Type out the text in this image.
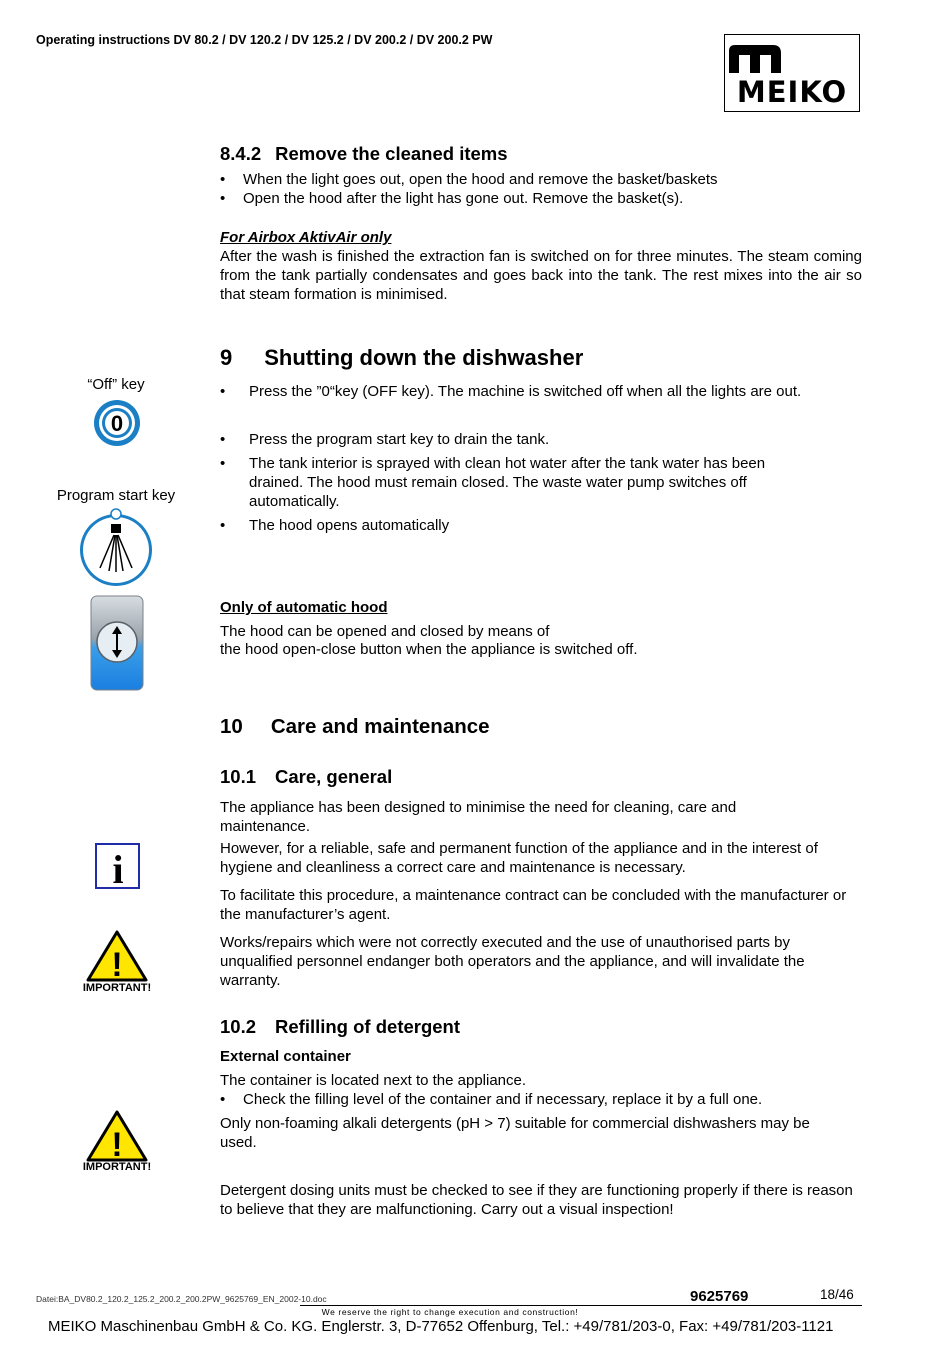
Operating instructions DV 80.2 / DV 120.2 / DV 125.2 / DV 200.2 / DV 200.2 PW
MEIKO
8.4.2 Remove the cleaned items
• When the light goes out, open the hood and remove the basket/baskets
• Open the hood after the light has gone out. Remove the basket(s).
For Airbox AktivAir only
After the wash is finished the extraction fan is switched on for three minutes. The steam coming from the tank partially condensates and goes back into the tank. The rest mixes into the air so that steam formation is minimised.
9 Shutting down the dishwasher
“Off” key
0
• Press the ”0“key (OFF key). The machine is switched off when all the lights are out.
• Press the program start key to drain the tank.
• The tank interior is sprayed with clean hot water after the tank water has been drained. The hood must remain closed. The waste water pump switches off automatically.
• The hood opens automatically
Program start key
Only of automatic hood
The hood can be opened and closed by means of
the hood open-close button when the appliance is switched off.
10 Care and maintenance
10.1 Care, general
The appliance has been designed to minimise the need for cleaning, care and maintenance.
However, for a reliable, safe and permanent function of the appliance and in the interest of hygiene and cleanliness a correct care and maintenance is necessary.
To facilitate this procedure, a maintenance contract can be concluded with the manufacturer or the manufacturer’s agent.
Works/repairs which were not correctly executed and the use of unauthorised parts by unqualified personnel endanger both operators and the appliance, and will invalidate the warranty.
i
!
IMPORTANT!
10.2 Refilling of detergent
External container
The container is located next to the appliance.
• Check the filling level of the container and if necessary, replace it by a full one.
Only non-foaming alkali detergents (pH > 7) suitable for commercial dishwashers may be used.
!
IMPORTANT!
Detergent dosing units must be checked to see if they are functioning properly if there is reason to believe that they are malfunctioning. Carry out a visual inspection!
Datei:BA_DV80.2_120.2_125.2_200.2_200.2PW_9625769_EN_2002-10.doc	9625769	18/46
We reserve the right to change execution and construction!
MEIKO Maschinenbau GmbH & Co. KG. Englerstr. 3, D-77652 Offenburg, Tel.: +49/781/203-0, Fax: +49/781/203-1121
